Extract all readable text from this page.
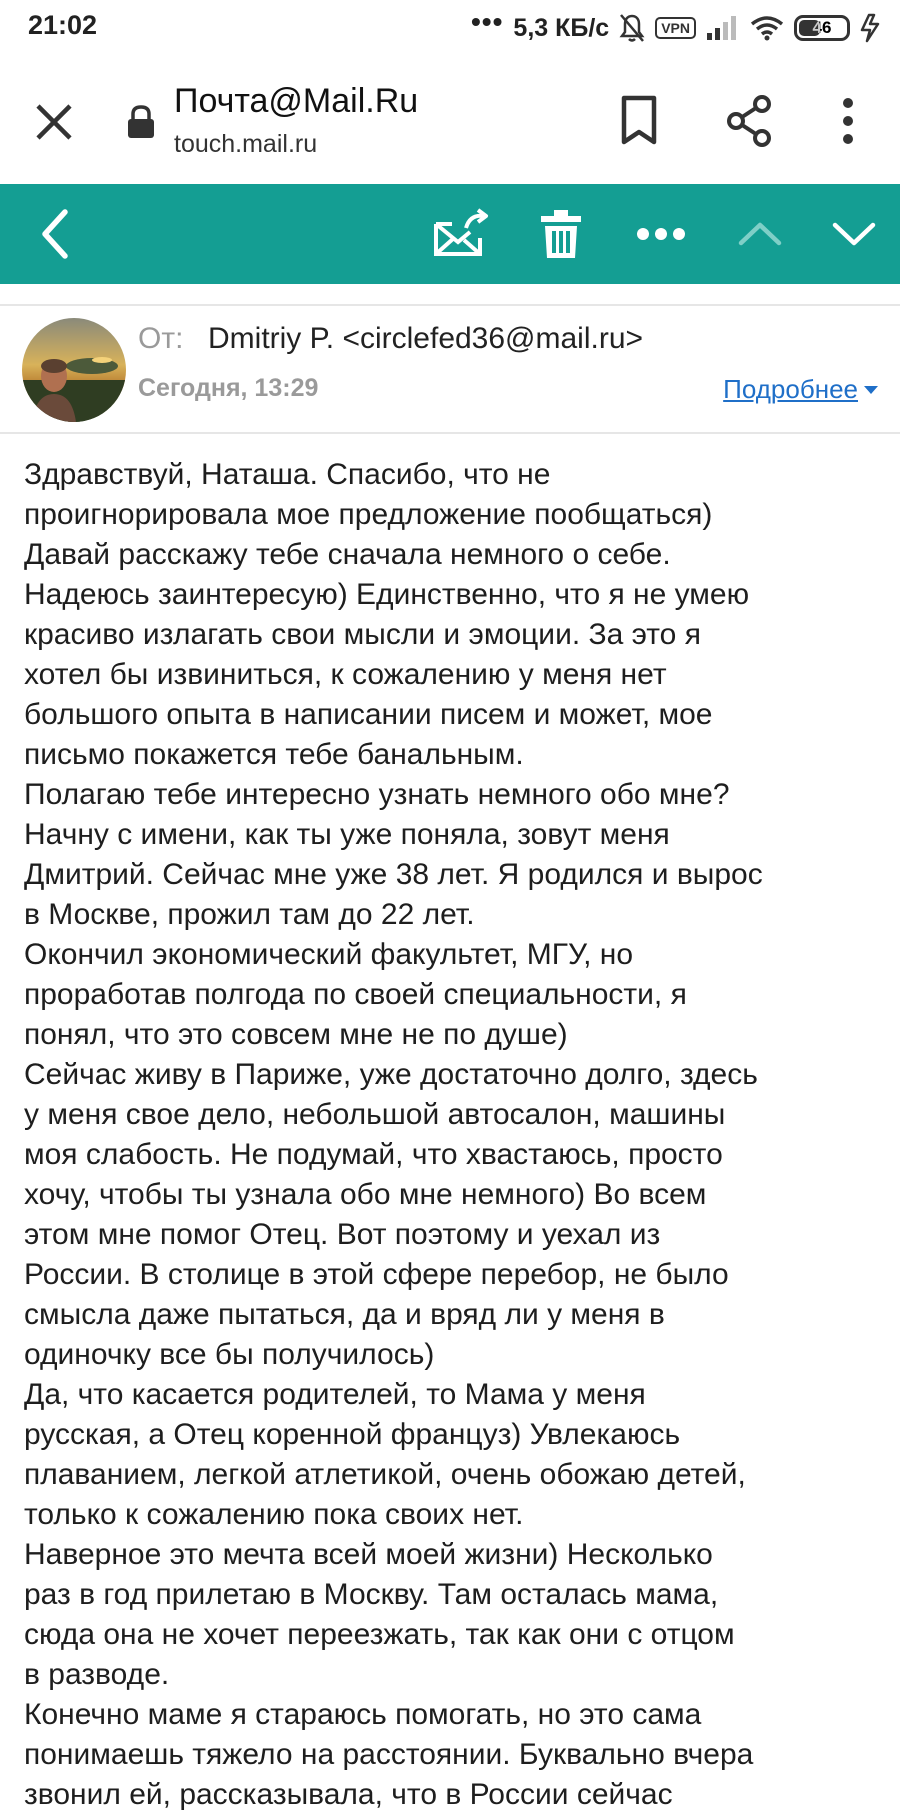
21:02	••• 5,3 КБ/с	VPN	46
Почта@Mail.Ru
touch.mail.ru
От: Dmitriy P. <circlefed36@mail.ru>
Сегодня, 13:29	Подробнее
Здравствуй, Наташа. Спасибо, что не
проигнорировала мое предложение пообщаться)
Давай расскажу тебе сначала немного о себе.
Надеюсь заинтересую) Единственно, что я не умею
красиво излагать свои мысли и эмоции. За это я
хотел бы извиниться, к сожалению у меня нет
большого опыта в написании писем и может, мое
письмо покажется тебе банальным.
Полагаю тебе интересно узнать немного обо мне?
Начну с имени, как ты уже поняла, зовут меня
Дмитрий. Сейчас мне уже 38 лет. Я родился и вырос
в Москве, прожил там до 22 лет.
Окончил экономический факультет, МГУ, но
проработав полгода по своей специальности, я
понял, что это совсем мне не по душе)
Сейчас живу в Париже, уже достаточно долго, здесь
у меня свое дело, небольшой автосалон, машины
моя слабость. Не подумай, что хвастаюсь, просто
хочу, чтобы ты узнала обо мне немного) Во всем
этом мне помог Отец. Вот поэтому и уехал из
России. В столице в этой сфере перебор, не было
смысла даже пытаться, да и вряд ли у меня в
одиночку все бы получилось)
Да, что касается родителей, то Мама у меня
русская, а Отец коренной француз) Увлекаюсь
плаванием, легкой атлетикой, очень обожаю детей,
только к сожалению пока своих нет.
Наверное это мечта всей моей жизни) Несколько
раз в год прилетаю в Москву. Там осталась мама,
сюда она не хочет переезжать, так как они с отцом
в разводе.
Конечно маме я стараюсь помогать, но это сама
понимаешь тяжело на расстоянии. Буквально вчера
звонил ей, рассказывала, что в России сейчас
